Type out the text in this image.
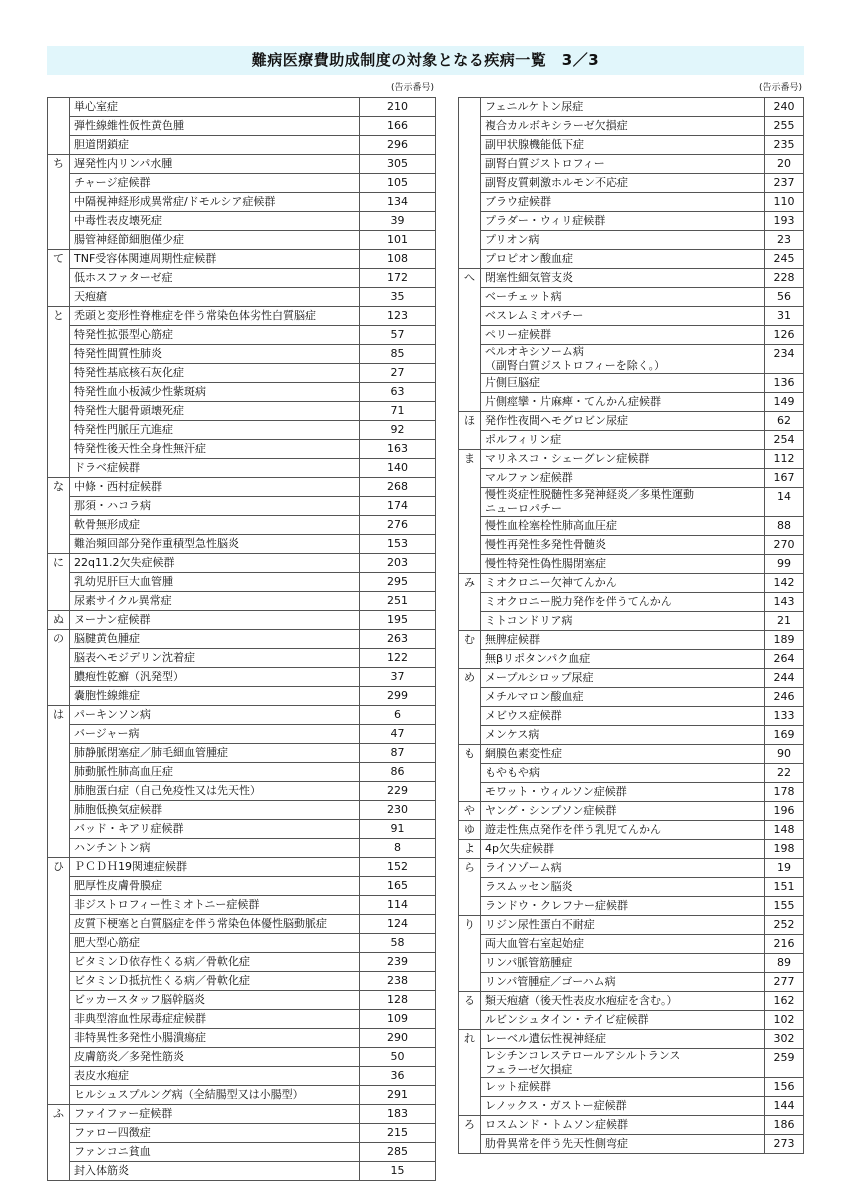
難病医療費助成制度の対象となる疾病一覧　3／3
(告示番号)
	単心室症	210
	弾性線維性仮性黄色腫	166
	胆道閉鎖症	296
ち	遅発性内リンパ水腫	305
	チャージ症候群	105
	中隔視神経形成異常症/ドモルシア症候群	134
	中毒性表皮壊死症	39
	腸管神経節細胞僅少症	101
て	TNF受容体関連周期性症候群	108
	低ホスファターゼ症	172
	天疱瘡	35
と	禿頭と変形性脊椎症を伴う常染色体劣性白質脳症	123
	特発性拡張型心筋症	57
	特発性間質性肺炎	85
	特発性基底核石灰化症	27
	特発性血小板減少性紫斑病	63
	特発性大腿骨頭壊死症	71
	特発性門脈圧亢進症	92
	特発性後天性全身性無汗症	163
	ドラベ症候群	140
な	中條・西村症候群	268
	那須・ハコラ病	174
	軟骨無形成症	276
	難治頻回部分発作重積型急性脳炎	153
に	22q11.2欠失症候群	203
	乳幼児肝巨大血管腫	295
	尿素サイクル異常症	251
ぬ	ヌーナン症候群	195
の	脳腱黄色腫症	263
	脳表ヘモジデリン沈着症	122
	膿疱性乾癬（汎発型）	37
	嚢胞性線維症	299
は	パーキンソン病	6
	バージャー病	47
	肺静脈閉塞症／肺毛細血管腫症	87
	肺動脈性肺高血圧症	86
	肺胞蛋白症（自己免疫性又は先天性）	229
	肺胞低換気症候群	230
	バッド・キアリ症候群	91
	ハンチントン病	8
ひ	ＰＣＤＨ19関連症候群	152
	肥厚性皮膚骨膜症	165
	非ジストロフィー性ミオトニー症候群	114
	皮質下梗塞と白質脳症を伴う常染色体優性脳動脈症	124
	肥大型心筋症	58
	ビタミンＤ依存性くる病／骨軟化症	239
	ビタミンＤ抵抗性くる病／骨軟化症	238
	ビッカースタッフ脳幹脳炎	128
	非典型溶血性尿毒症症候群	109
	非特異性多発性小腸潰瘍症	290
	皮膚筋炎／多発性筋炎	50
	表皮水疱症	36
	ヒルシュスプルング病（全結腸型又は小腸型）	291
ふ	ファイファー症候群	183
	ファロー四徴症	215
	ファンコニ貧血	285
	封入体筋炎	15
(告示番号)
	フェニルケトン尿症	240
	複合カルボキシラーゼ欠損症	255
	副甲状腺機能低下症	235
	副腎白質ジストロフィー	20
	副腎皮質刺激ホルモン不応症	237
	ブラウ症候群	110
	プラダー・ウィリ症候群	193
	プリオン病	23
	プロピオン酸血症	245
へ	閉塞性細気管支炎	228
	ベーチェット病	56
	ベスレムミオパチー	31
	ペリー症候群	126
	ペルオキシソーム病
（副腎白質ジストロフィーを除く。）	234
	片側巨脳症	136
	片側痙攣・片麻痺・てんかん症候群	149
ほ	発作性夜間ヘモグロビン尿症	62
	ポルフィリン症	254
ま	マリネスコ・シェーグレン症候群	112
	マルファン症候群	167
	慢性炎症性脱髄性多発神経炎／多巣性運動
ニューロパチー	14
	慢性血栓塞栓性肺高血圧症	88
	慢性再発性多発性骨髄炎	270
	慢性特発性偽性腸閉塞症	99
み	ミオクロニー欠神てんかん	142
	ミオクロニー脱力発作を伴うてんかん	143
	ミトコンドリア病	21
む	無脾症候群	189
	無βリポタンパク血症	264
め	メープルシロップ尿症	244
	メチルマロン酸血症	246
	メビウス症候群	133
	メンケス病	169
も	網膜色素変性症	90
	もやもや病	22
	モワット・ウィルソン症候群	178
や	ヤング・シンプソン症候群	196
ゆ	遊走性焦点発作を伴う乳児てんかん	148
よ	4p欠失症候群	198
ら	ライソゾーム病	19
	ラスムッセン脳炎	151
	ランドウ・クレフナー症候群	155
り	リジン尿性蛋白不耐症	252
	両大血管右室起始症	216
	リンパ脈管筋腫症	89
	リンパ管腫症／ゴーハム病	277
る	類天疱瘡（後天性表皮水疱症を含む。）	162
	ルビンシュタイン・テイビ症候群	102
れ	レーベル遺伝性視神経症	302
	レシチンコレステロールアシルトランス
フェラーゼ欠損症	259
	レット症候群	156
	レノックス・ガストー症候群	144
ろ	ロスムンド・トムソン症候群	186
	肋骨異常を伴う先天性側弯症	273
